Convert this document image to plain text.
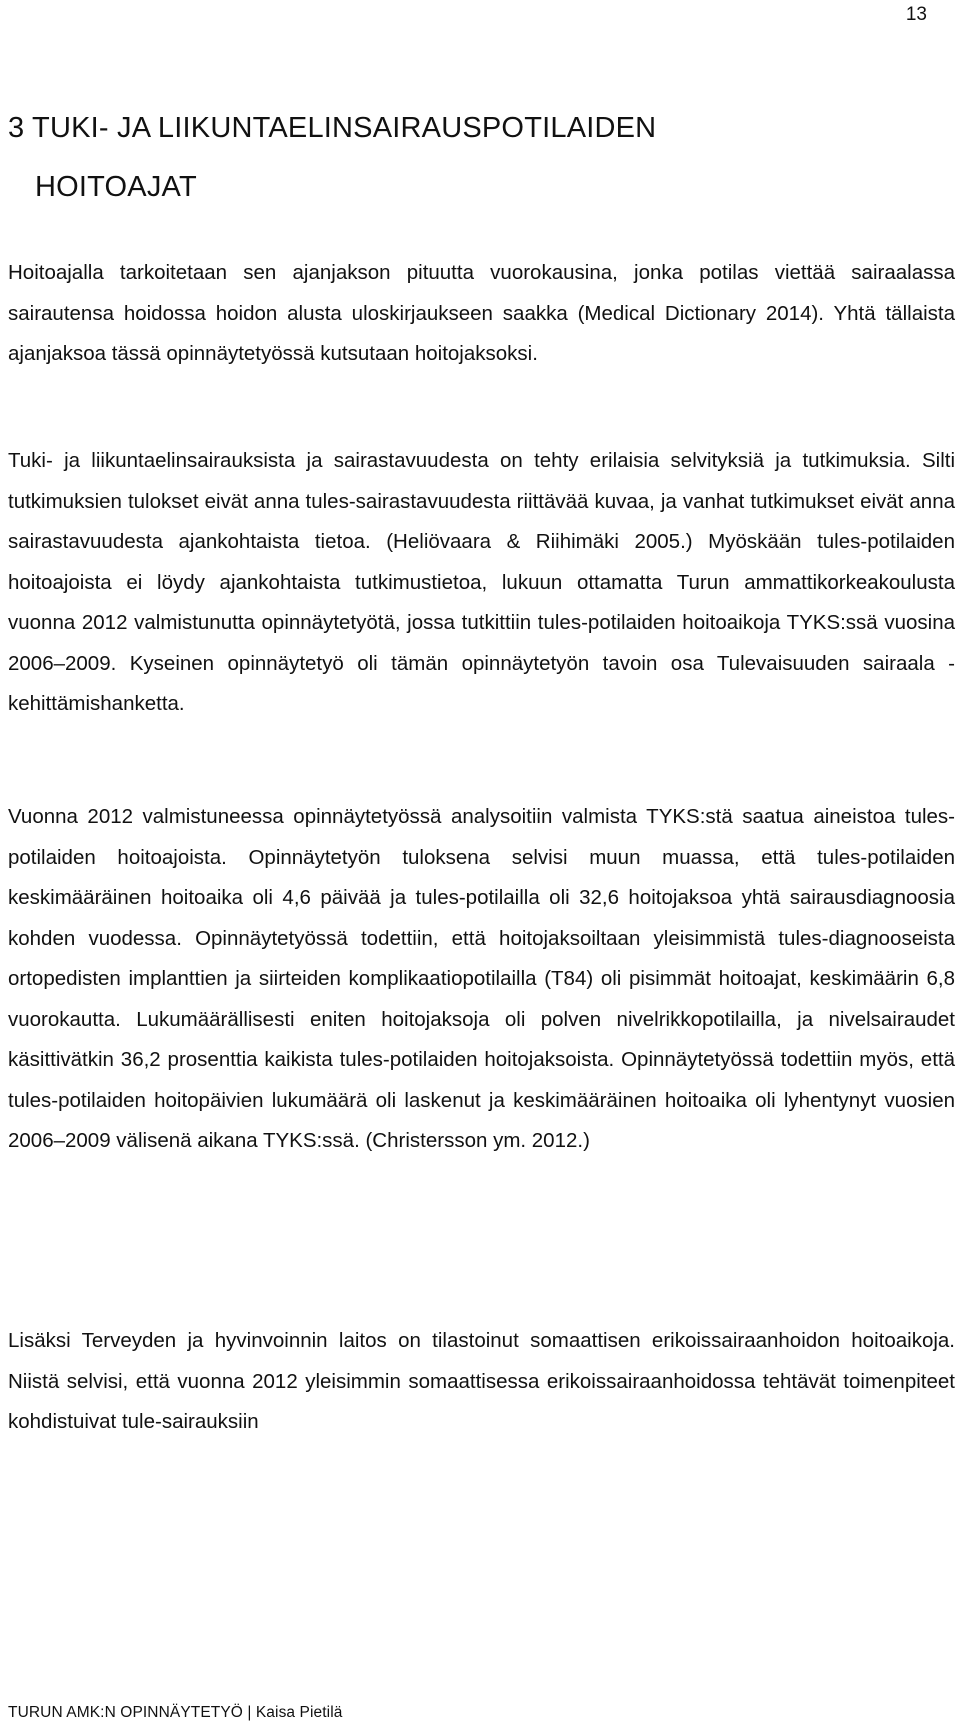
13
3 TUKI- JA LIIKUNTAELINSAIRAUSPOTILAIDEN
HOITOAJAT

Hoitoajalla tarkoitetaan sen ajanjakson pituutta vuorokausina, jonka potilas viettää sairaalassa sairautensa hoidossa hoidon alusta uloskirjaukseen saakka (Medical Dictionary 2014). Yhtä tällaista ajanjaksoa tässä opinnäytetyössä kutsutaan hoitojaksoksi.

Tuki- ja liikuntaelinsairauksista ja sairastavuudesta on tehty erilaisia selvityksiä ja tutkimuksia. Silti tutkimuksien tulokset eivät anna tules-sairastavuudesta riittävää kuvaa, ja vanhat tutkimukset eivät anna sairastavuudesta ajankohtaista tietoa. (Heliövaara & Riihimäki 2005.) Myöskään tules-potilaiden hoitoajoista ei löydy ajankohtaista tutkimustietoa, lukuun ottamatta Turun ammattikorkeakoulusta vuonna 2012 valmistunutta opinnäytetyötä, jossa tutkittiin tules-potilaiden hoitoaikoja TYKS:ssä vuosina 2006–2009. Kyseinen opinnäytetyö oli tämän opinnäytetyön tavoin osa Tulevaisuuden sairaala -kehittämishanketta.

Vuonna 2012 valmistuneessa opinnäytetyössä analysoitiin valmista TYKS:stä saatua aineistoa tules-potilaiden hoitoajoista. Opinnäytetyön tuloksena selvisi muun muassa, että tules-potilaiden keskimääräinen hoitoaika oli 4,6 päivää ja tules-potilailla oli 32,6 hoitojaksoa yhtä sairausdiagnoosia kohden vuodessa. Opinnäytetyössä todettiin, että hoitojaksoiltaan yleisimmistä tules-diagnooseista ortopedisten implanttien ja siirteiden komplikaatiopotilailla (T84) oli pisimmät hoitoajat, keskimäärin 6,8 vuorokautta. Lukumäärällisesti eniten hoitojaksoja oli polven nivelrikkopotilailla, ja nivelsairaudet käsittivätkin 36,2 prosenttia kaikista tules-potilaiden hoitojaksoista. Opinnäytetyössä todettiin myös, että tules-potilaiden hoitopäivien lukumäärä oli laskenut ja keskimääräinen hoitoaika oli lyhentynyt vuosien 2006–2009 välisenä aikana TYKS:ssä. (Christersson ym. 2012.)

Lisäksi Terveyden ja hyvinvoinnin laitos on tilastoinut somaattisen erikoissairaanhoidon hoitoaikoja. Niistä selvisi, että vuonna 2012 yleisimmin somaattisessa erikoissairaanhoidossa tehtävät toimenpiteet kohdistuivat tule-sairauksiin

TURUN AMK:N OPINNÄYTETYÖ | Kaisa Pietilä
